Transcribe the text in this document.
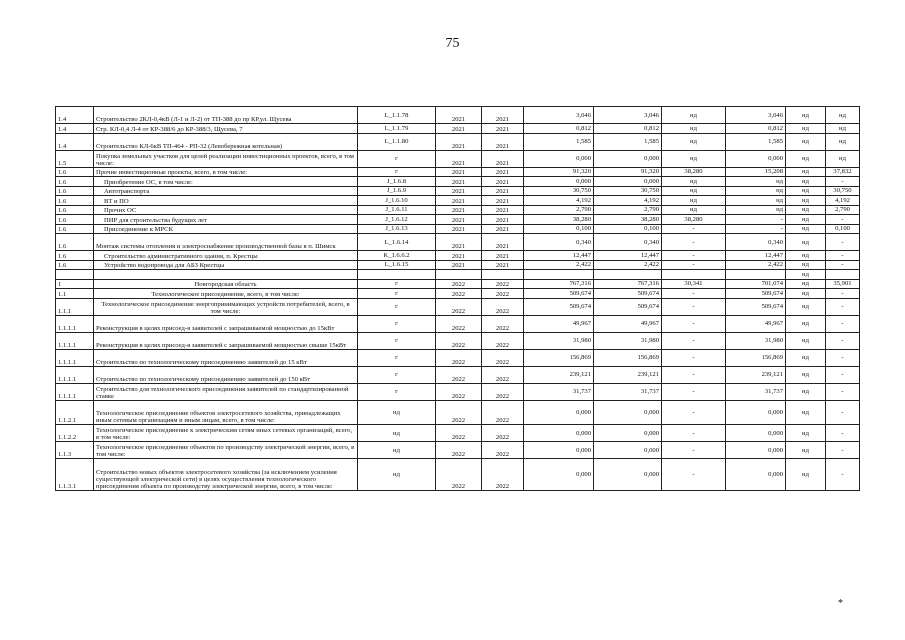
75
1.4	Строительство 2КЛ-0,4кВ (Л-1 и Л-2) от ТП-388 до пр КР,ул. Щусева	L_1.1.78	2021	2021	3,046	3,046	нд	3,046	нд	нд
1.4	Стр. КЛ-0,4 Л-4 от КР-388/6 до КР-388/3, Щусева, 7	L_1.1.79	2021	2021	0,812	0,812	нд	0,812	нд	нд
1.4	Строительство КЛ-6кВ ТП-464 - РП-32 (Левобережная котельная)	L_1.1.80	2021	2021	1,585	1,585	нд	1,585	нд	нд
1.5	Покупка земельных участков для целей реализации инвестиционных проектов, всего, в том числе:	г	2021	2021	0,000	0,000	нд	0,000	нд	нд
1.6	Прочие инвестиционные проекты, всего, в том числе:	г	2021	2021	91,320	91,320	38,280	15,208	нд	37,832
1.6	Приобретение ОС, в том числе:	J_1.6.8	2021	2021	0,000	0,000	нд	нд	нд	-
1.6	Автотранспорта	J_1.6.9	2021	2021	30,750	30,750	нд	нд	нд	30,750
1.6	ВТ и ПО	J_1.6.10	2021	2021	4,192	4,192	нд	нд	нд	4,192
1.6	Прочих ОС	J_1.6.11	2021	2021	2,790	2,790	нд	нд	нд	2,790
1.6	ПИР для строительства будущих лет	J_1.6.12	2021	2021	38,280	38,280	38,280	-	нд	-
1.6	Присоединение к МРСК	J_1.6.13	2021	2021	0,100	0,100	-	-	нд	0,100
1.6	Монтаж системы отопления и электроснабжение производственной базы в п. Шимск	L_1.6.14	2021	2021	0,340	0,340	-	0,340	нд	-
1.6	Строительство административного здания, п. Крестцы	K_1.6.6.2	2021	2021	12,447	12,447	-	12,447	нд	-
1.6	Устройство водопровода для АБЗ Крестцы	L_1.6.15	2021	2021	2,422	2,422	-	2,422	нд	-
									нд	
1	Новгородская область	г	2022	2022	767,316	767,316	30,341	701,074	нд	35,901
1.1	Технологическое присоединение, всего, в том числе:	г	2022	2022	509,674	509,674	-	509,674	нд	-
1.1.1	Технологическое присоединение энергопринимающих устройств потребителей, всего, в том числе:	г	2022	2022	509,674	509,674	-	509,674	нд	-
1.1.1.1	Реконструкция в целях присоед-я заявителей с запрашиваемой мощностью до 15кВт	г	2022	2022	49,967	49,967	-	49,967	нд	-
1.1.1.1	Реконструкция в целях присоед-я заявителей с запрашиваемой мощностью свыше 15кВт	г	2022	2022	31,980	31,980	-	31,980	нд	-
1.1.1.1	Строительство по технологическому присоединению заявителей до 15 кВт	г	2022	2022	156,869	156,869	-	156,869	нд	-
1.1.1.1	Строительство по технологическому присоединению заявителей до 150 кВт	г	2022	2022	239,121	239,121	-	239,121	нд	-
1.1.1.1	Строительство для технологического присоединения заявителей по стандартизированной ставке	г	2022	2022	31,737	31,737	-	31,737	нд	-
1.1.2.1	Технологическое присоединение объектов электросетевого хозяйства, принадлежащих иным сетевым организациям и иным лицам, всего, в том числе:	нд	2022	2022	0,000	0,000	-	0,000	нд	-
1.1.2.2	Технологическое присоединение к электрическим сетям иных сетевых организаций, всего, в том числе:	нд	2022	2022	0,000	0,000	-	0,000	нд	-
1.1.3	Технологическое присоединение объектов по производству электрической энергии, всего, в том числе:	нд	2022	2022	0,000	0,000	-	0,000	нд	-
1.1.3.1	Строительство новых объектов электросетевого хозяйства (за исключением усиления существующей электрической сети) в целях осуществления технологического присоединения объекта по производству электрической энергии, всего, в том числе:	нд	2022	2022	0,000	0,000	-	0,000	нд	-
*
